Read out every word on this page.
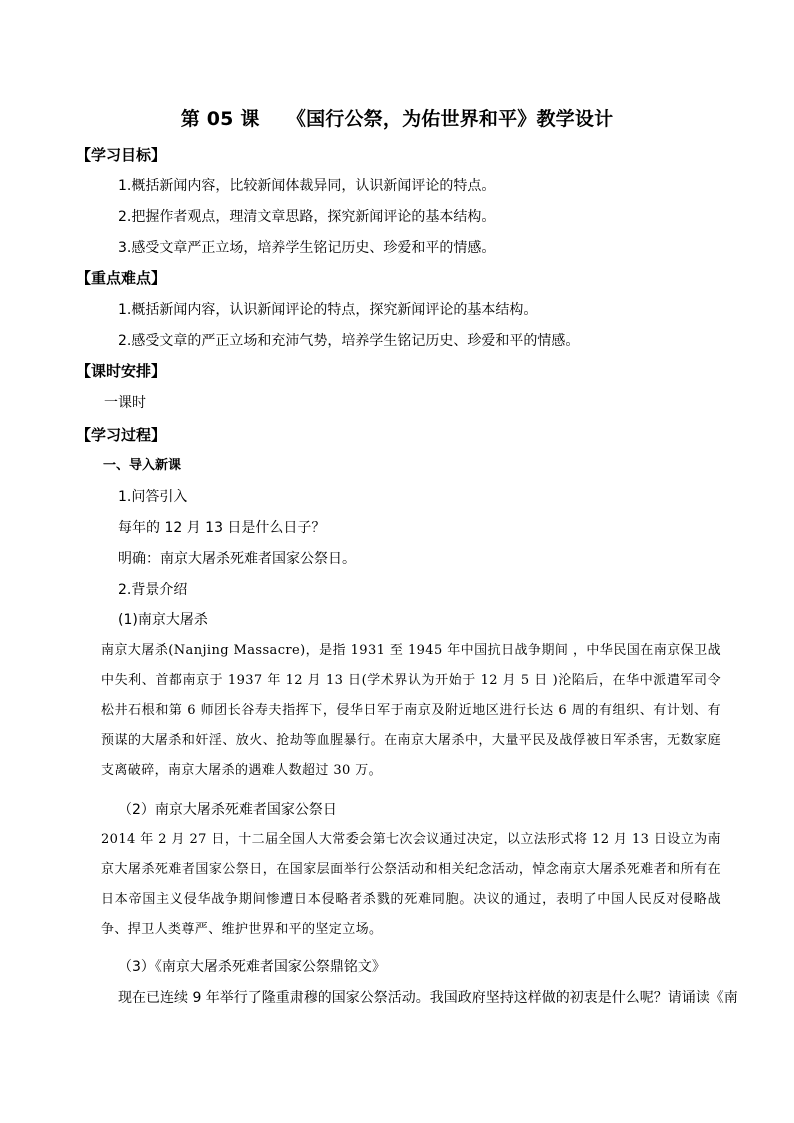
第 05 课    《国行公祭，为佑世界和平》教学设计
【学习目标】
1.概括新闻内容，比较新闻体裁异同，认识新闻评论的特点。
2.把握作者观点，理清文章思路，探究新闻评论的基本结构。
3.感受文章严正立场，培养学生铭记历史、珍爱和平的情感。
【重点难点】
1.概括新闻内容，认识新闻评论的特点，探究新闻评论的基本结构。
2.感受文章的严正立场和充沛气势，培养学生铭记历史、珍爱和平的情感。
【课时安排】
一课时
【学习过程】
一、导入新课
1.问答引入
每年的 12 月 13 日是什么日子？
明确：南京大屠杀死难者国家公祭日。
2.背景介绍
(1)南京大屠杀
南京大屠杀(Nanjing Massacre)，是指 1931 至 1945 年中国抗日战争期间 ，中华民国在南京保卫战中失利、首都南京于 1937 年 12 月 13 日(学术界认为开始于 12 月 5 日 )沦陷后，在华中派遣军司令松井石根和第 6 师团长谷寿夫指挥下，侵华日军于南京及附近地区进行长达 6 周的有组织、有计划、有预谋的大屠杀和奸淫、放火、抢劫等血腥暴行。在南京大屠杀中，大量平民及战俘被日军杀害，无数家庭支离破碎，南京大屠杀的遇难人数超过 30 万。
（2）南京大屠杀死难者国家公祭日
2014 年 2 月 27 日，十二届全国人大常委会第七次会议通过决定，以立法形式将 12 月 13 日设立为南京大屠杀死难者国家公祭日，在国家层面举行公祭活动和相关纪念活动，悼念南京大屠杀死难者和所有在日本帝国主义侵华战争期间惨遭日本侵略者杀戮的死难同胞。决议的通过，表明了中国人民反对侵略战争、捍卫人类尊严、维护世界和平的坚定立场。
（3）《南京大屠杀死难者国家公祭鼎铭文》
现在已连续 9 年举行了隆重肃穆的国家公祭活动。我国政府坚持这样做的初衷是什么呢？请诵读《南
